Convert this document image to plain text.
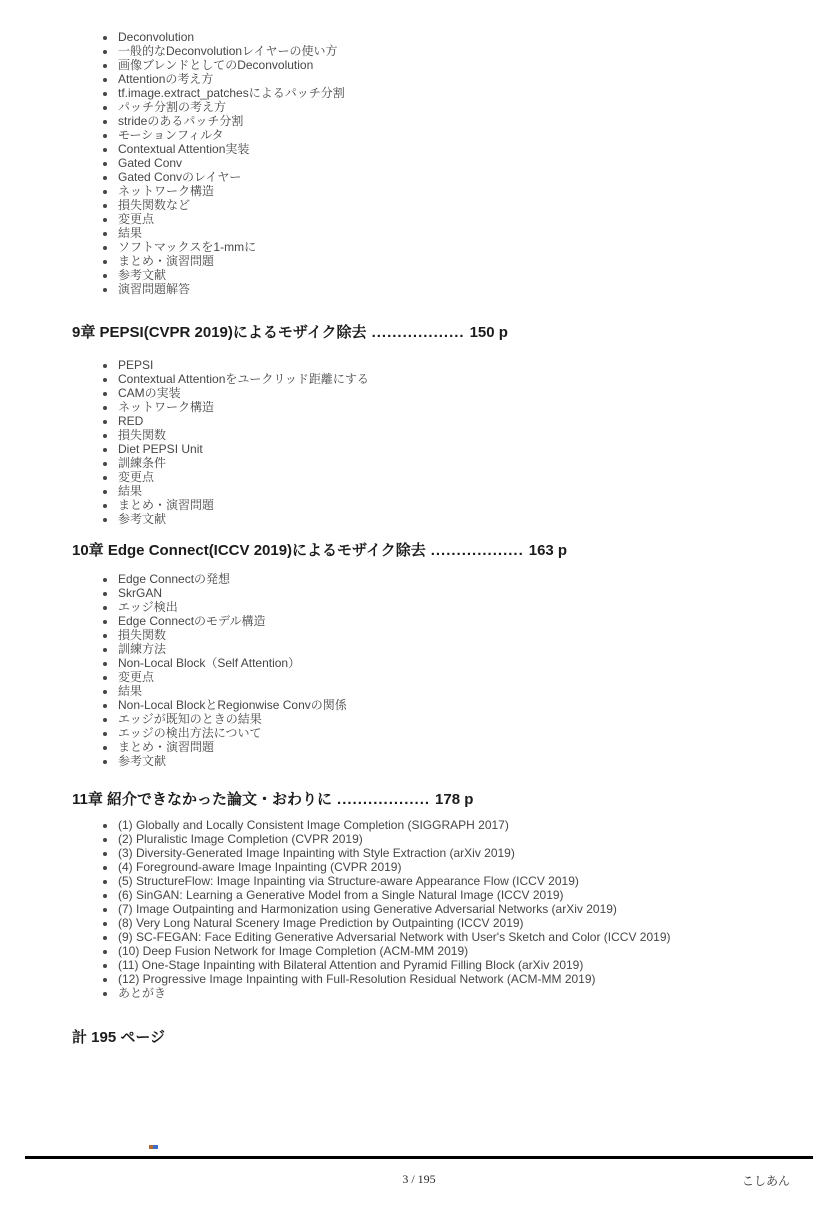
• Deconvolution
• 一般的なDeconvolutionレイヤーの使い方
• 画像ブレンドとしてのDeconvolution
• Attentionの考え方
• tf.image.extract_patchesによるパッチ分割
• パッチ分割の考え方
• strideのあるパッチ分割
• モーションフィルタ
• Contextual Attention実装
• Gated Conv
• Gated Convのレイヤー
• ネットワーク構造
• 損失関数など
• 変更点
• 結果
• ソフトマックスを1-mmに
• まとめ・演習問題
• 参考文献
• 演習問題解答
9章 PEPSI(CVPR 2019)によるモザイク除去 .................. 150 p
• PEPSI
• Contextual Attentionをユークリッド距離にする
• CAMの実装
• ネットワーク構造
• RED
• 損失関数
• Diet PEPSI Unit
• 訓練条件
• 変更点
• 結果
• まとめ・演習問題
• 参考文献
10章 Edge Connect(ICCV 2019)によるモザイク除去 .................. 163 p
• Edge Connectの発想
• SkrGAN
• エッジ検出
• Edge Connectのモデル構造
• 損失関数
• 訓練方法
• Non-Local Block（Self Attention）
• 変更点
• 結果
• Non-Local BlockとRegionwise Convの関係
• エッジが既知のときの結果
• エッジの検出方法について
• まとめ・演習問題
• 参考文献
11章 紹介できなかった論文・おわりに .................. 178 p
• (1) Globally and Locally Consistent Image Completion (SIGGRAPH 2017)
• (2) Pluralistic Image Completion (CVPR 2019)
• (3) Diversity-Generated Image Inpainting with Style Extraction (arXiv 2019)
• (4) Foreground-aware Image Inpainting (CVPR 2019)
• (5) StructureFlow: Image Inpainting via Structure-aware Appearance Flow (ICCV 2019)
• (6) SinGAN: Learning a Generative Model from a Single Natural Image (ICCV 2019)
• (7) Image Outpainting and Harmonization using Generative Adversarial Networks (arXiv 2019)
• (8) Very Long Natural Scenery Image Prediction by Outpainting (ICCV 2019)
• (9) SC-FEGAN: Face Editing Generative Adversarial Network with User's Sketch and Color (ICCV 2019)
• (10) Deep Fusion Network for Image Completion (ACM-MM 2019)
• (11) One-Stage Inpainting with Bilateral Attention and Pyramid Filling Block (arXiv 2019)
• (12) Progressive Image Inpainting with Full-Resolution Residual Network (ACM-MM 2019)
• あとがき

計 195 ページ

3 / 195	こしあん
